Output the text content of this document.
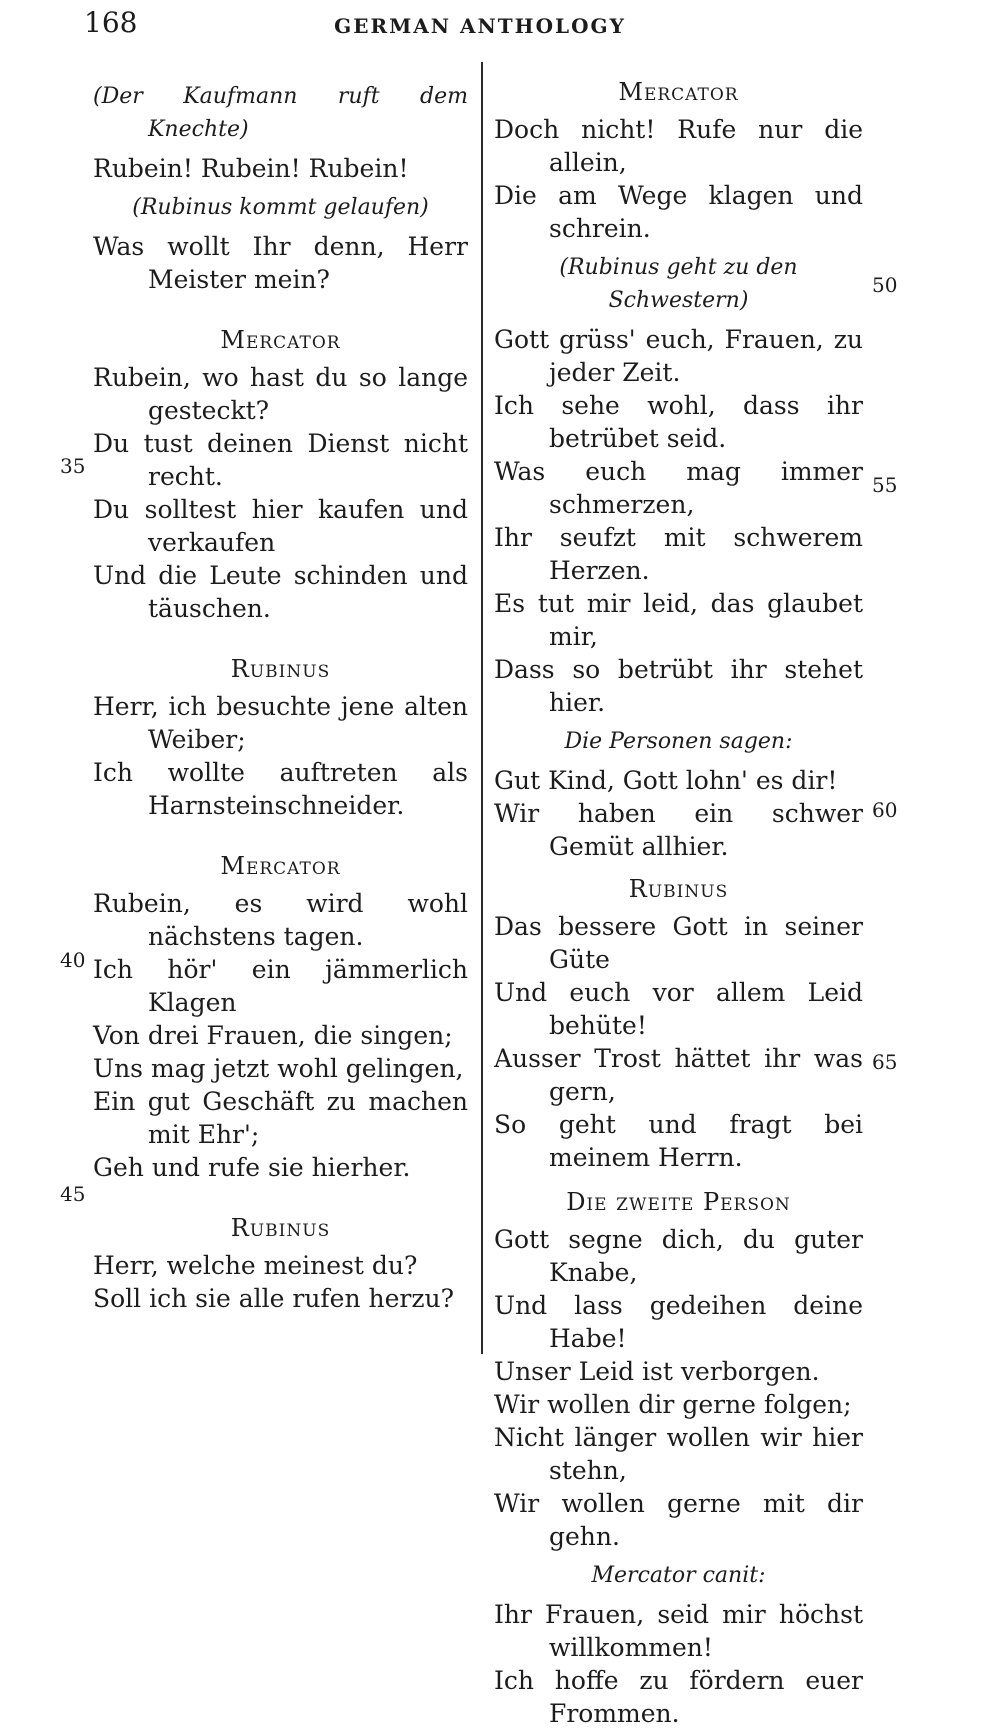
168	GERMAN ANTHOLOGY
(Der Kaufmann ruft dem
Knechte)
Rubein! Rubein! Rubein!
(Rubinus kommt gelaufen)
Was wollt Ihr denn, Herr Meister mein?
Mercator
Rubein, wo hast du so lange gesteckt?
Du tust deinen Dienst nicht recht.
Du solltest hier kaufen und verkaufen
Und die Leute schinden und täuschen.
Rubinus
Herr, ich besuchte jene alten Weiber;
Ich wollte auftreten als Harnsteinschneider.
Mercator
Rubein, es wird wohl nächstens tagen.
Ich hör' ein jämmerlich Klagen
Von drei Frauen, die singen;
Uns mag jetzt wohl gelingen,
Ein gut Geschäft zu machen mit Ehr';
Geh und rufe sie hierher.
Rubinus
Herr, welche meinest du?
Soll ich sie alle rufen herzu?
Mercator
Doch nicht! Rufe nur die allein,
Die am Wege klagen und schrein.
(Rubinus geht zu den Schwestern)
Gott grüss' euch, Frauen, zu jeder Zeit.
Ich sehe wohl, dass ihr betrübet seid.
Was euch mag immer schmerzen,
Ihr seufzt mit schwerem Herzen.
Es tut mir leid, das glaubet mir,
Dass so betrübt ihr stehet hier.
Die Personen sagen:
Gut Kind, Gott lohn' es dir!
Wir haben ein schwer Gemüt allhier.
Rubinus
Das bessere Gott in seiner Güte
Und euch vor allem Leid behüte!
Ausser Trost hättet ihr was gern,
So geht und fragt bei meinem Herrn.
Die zweite Person
Gott segne dich, du guter Knabe,
Und lass gedeihen deine Habe!
Unser Leid ist verborgen.
Wir wollen dir gerne folgen;
Nicht länger wollen wir hier stehn,
Wir wollen gerne mit dir gehn.
Mercator canit:
Ihr Frauen, seid mir höchst willkommen!
Ich hoffe zu fördern euer Frommen.
35
40
45
50
55
60
65
